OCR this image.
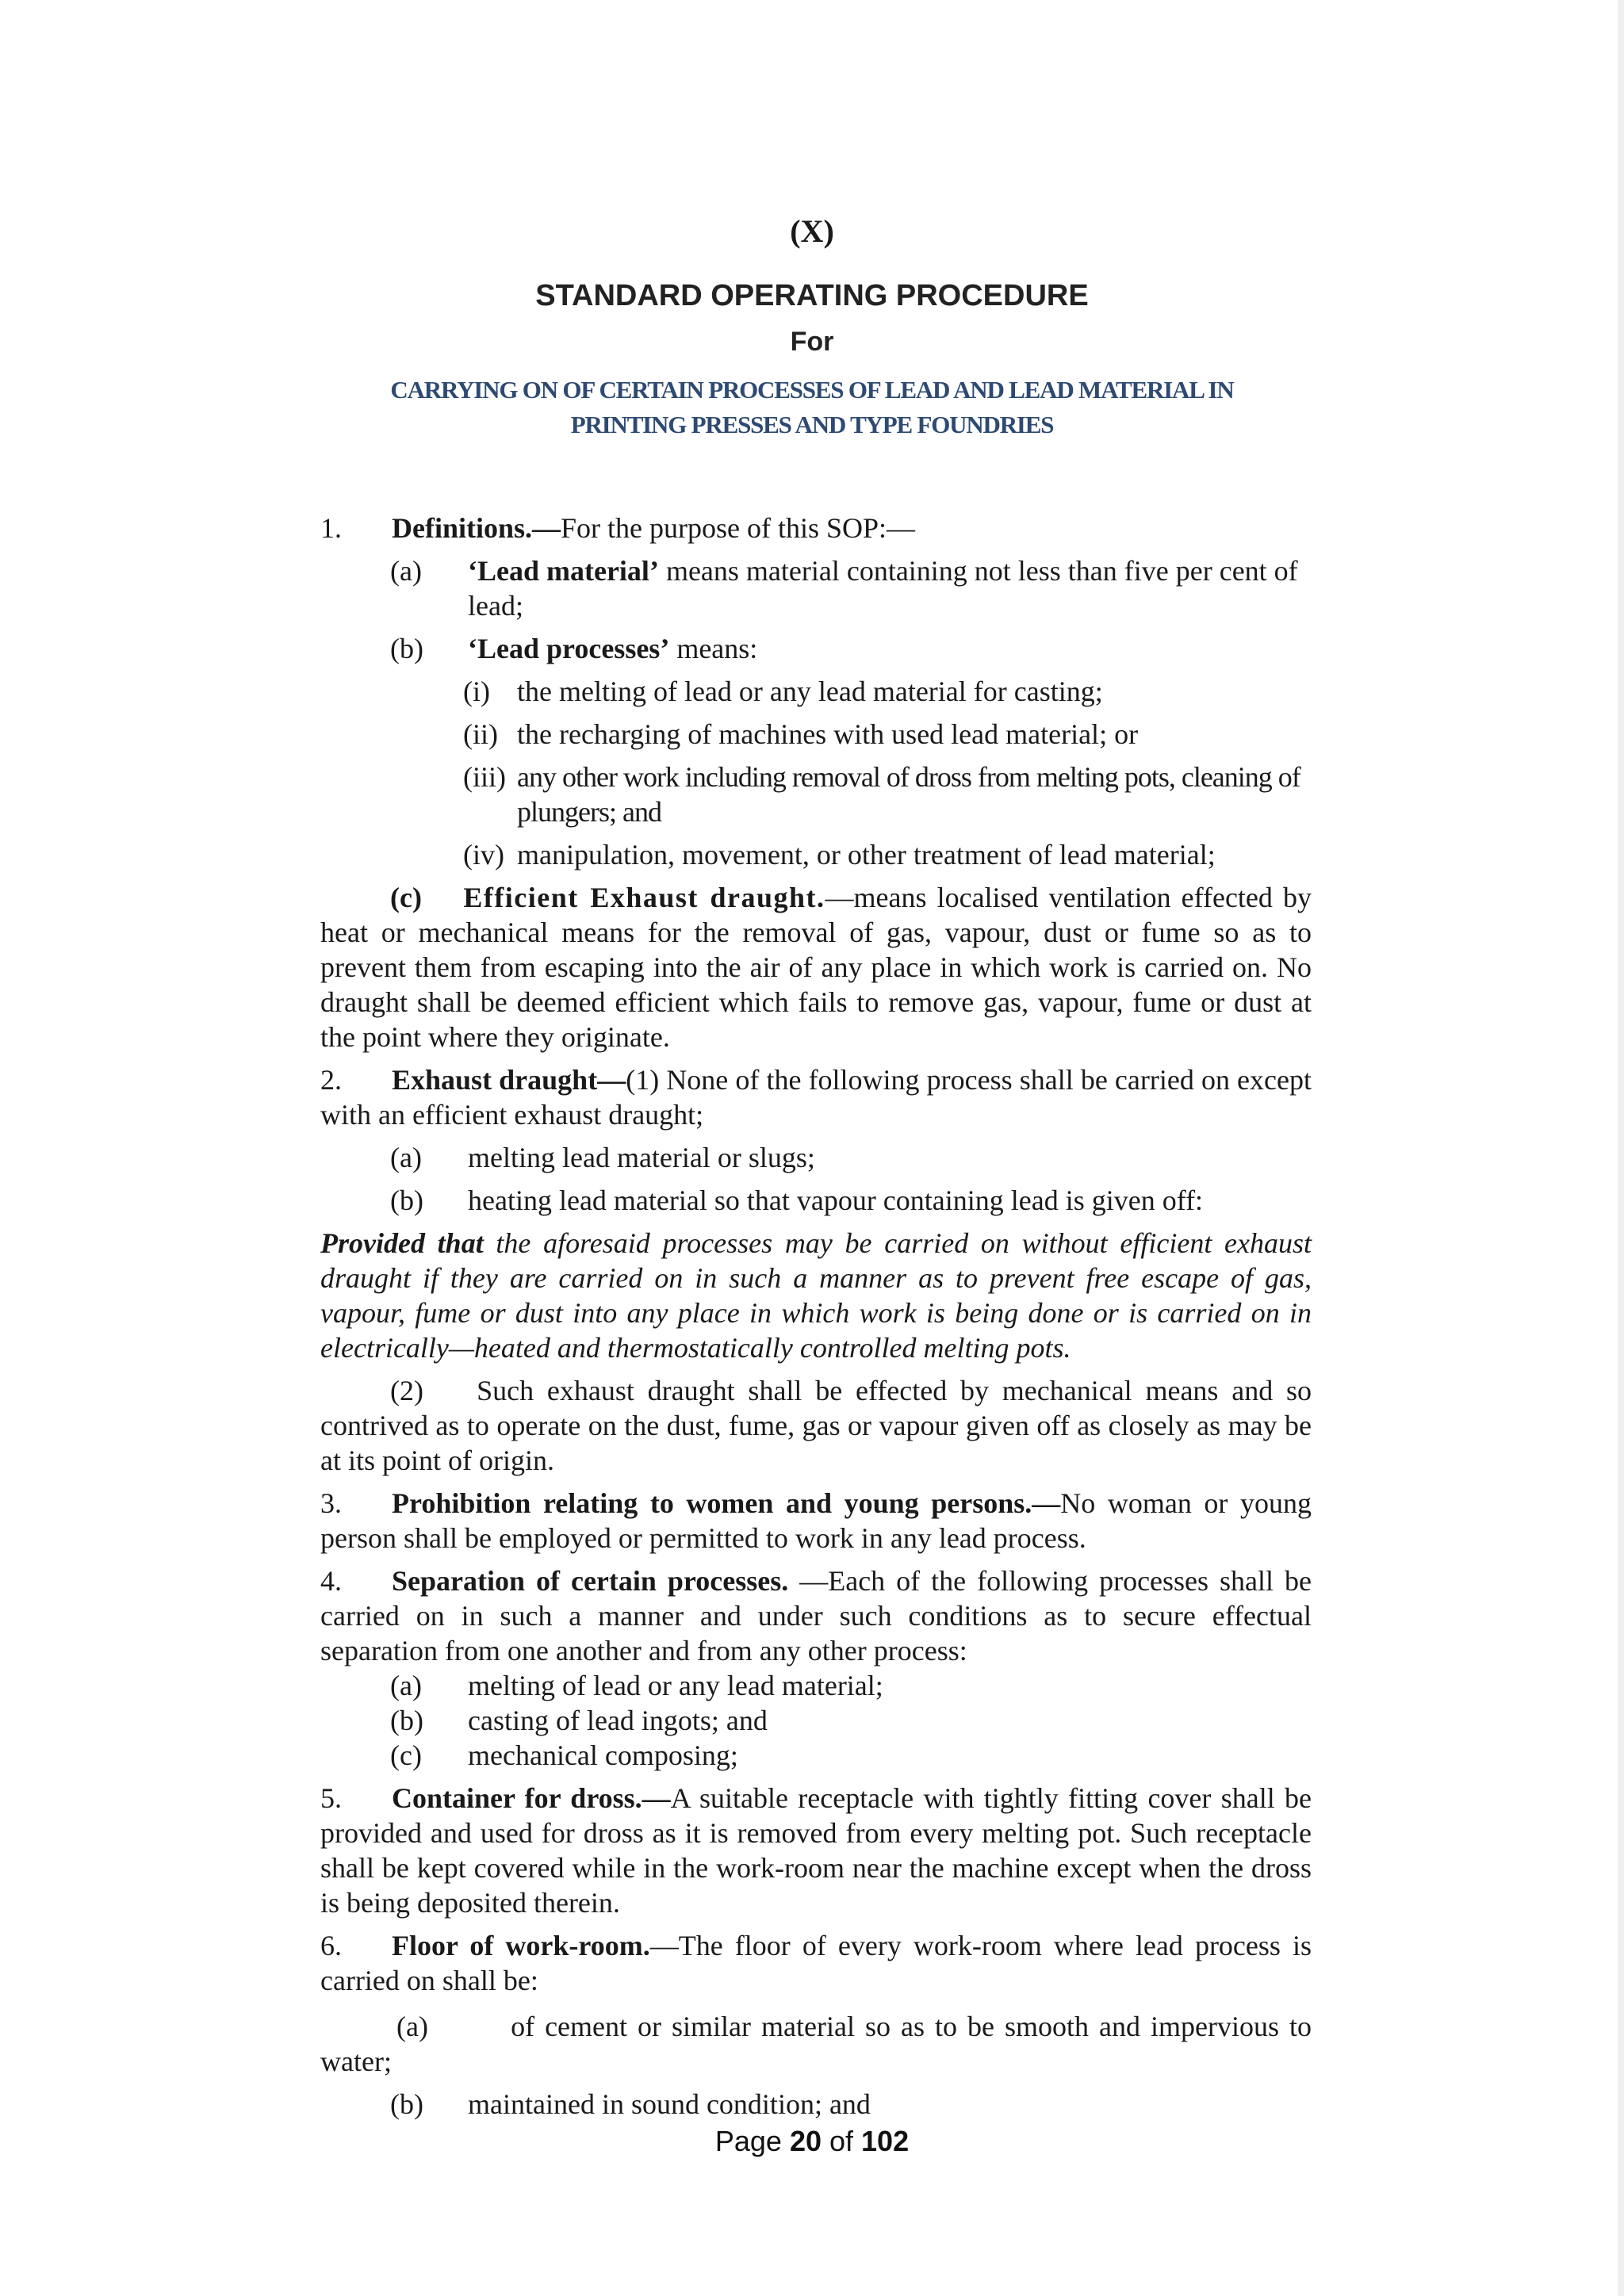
(X)
STANDARD OPERATING PROCEDURE
For
CARRYING ON OF CERTAIN PROCESSES OF LEAD AND LEAD MATERIAL IN
PRINTING PRESSES AND TYPE FOUNDRIES

1. Definitions.—For the purpose of this SOP:—

(a) ‘Lead material’ means material containing not less than five per cent of lead;
(b) ‘Lead processes’ means:
(i) the melting of lead or any lead material for casting;
(ii) the recharging of machines with used lead material; or
(iii) any other work including removal of dross from melting pots, cleaning of plungers; and
(iv) manipulation, movement, or other treatment of lead material;

(c) Efficient Exhaust draught.—means localised ventilation effected by heat or mechanical means for the removal of gas, vapour, dust or fume so as to prevent them from escaping into the air of any place in which work is carried on. No draught shall be deemed efficient which fails to remove gas, vapour, fume or dust at the point where they originate.

2. Exhaust draught—(1) None of the following process shall be carried on except with an efficient exhaust draught;

(a) melting lead material or slugs;
(b) heating lead material so that vapour containing lead is given off:

Provided that the aforesaid processes may be carried on without efficient exhaust draught if they are carried on in such a manner as to prevent free escape of gas, vapour, fume or dust into any place in which work is being done or is carried on in electrically—heated and thermostatically controlled melting pots.

(2) Such exhaust draught shall be effected by mechanical means and so contrived as to operate on the dust, fume, gas or vapour given off as closely as may be at its point of origin.

3. Prohibition relating to women and young persons.—No woman or young person shall be employed or permitted to work in any lead process.

4. Separation of certain processes. —Each of the following processes shall be carried on in such a manner and under such conditions as to secure effectual separation from one another and from any other process:

(a) melting of lead or any lead material;
(b) casting of lead ingots; and
(c) mechanical composing;

5. Container for dross.—A suitable receptacle with tightly fitting cover shall be provided and used for dross as it is removed from every melting pot. Such receptacle shall be kept covered while in the work-room near the machine except when the dross is being deposited therein.

6. Floor of work-room.—The floor of every work-room where lead process is carried on shall be:

(a)	of cement or similar material so as to be smooth and impervious to water;

(b) maintained in sound condition; and
Page 20 of 102
